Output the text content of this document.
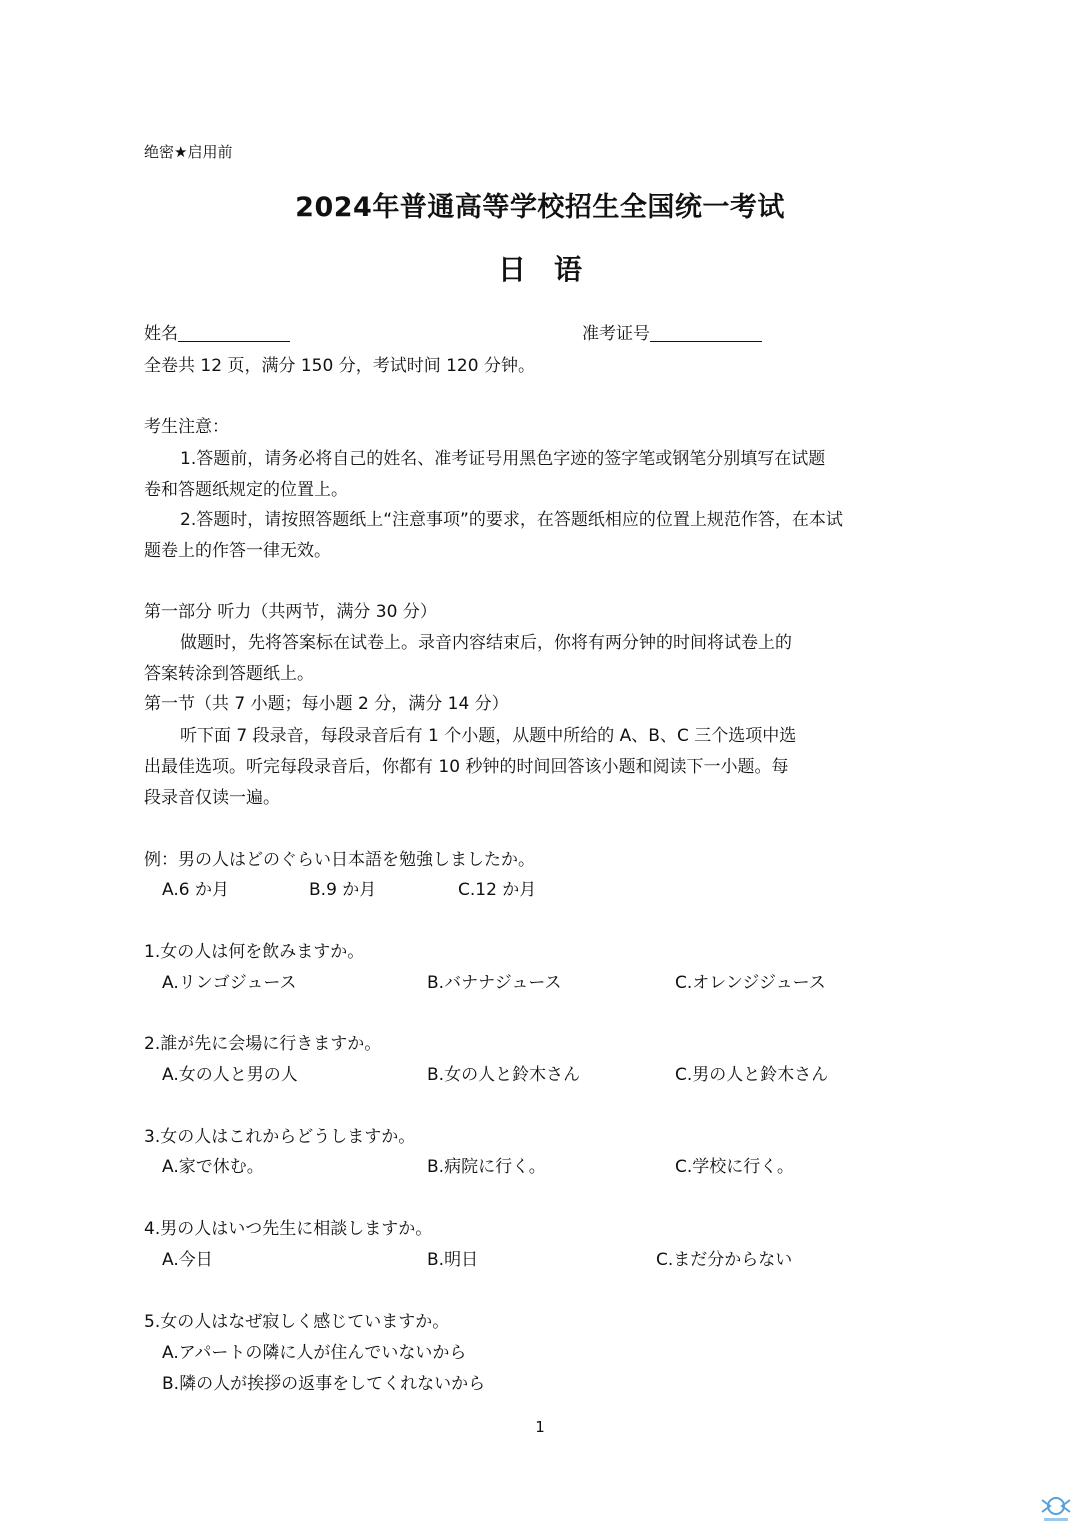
绝密★启用前
2024年普通高等学校招生全国统一考试
日　语
姓名	准考证号
全卷共 12 页，满分 150 分，考试时间 120 分钟。
考生注意：
1.答题前，请务必将自己的姓名、准考证号用黑色字迹的签字笔或钢笔分别填写在试题
卷和答题纸规定的位置上。
2.答题时，请按照答题纸上“注意事项”的要求，在答题纸相应的位置上规范作答，在本试
题卷上的作答一律无效。
第一部分 听力（共两节，满分 30 分）
做题时，先将答案标在试卷上。录音内容结束后，你将有两分钟的时间将试卷上的
答案转涂到答题纸上。
第一节（共 7 小题；每小题 2 分，满分 14 分）
听下面 7 段录音，每段录音后有 1 个小题，从题中所给的 A、B、C 三个选项中选
出最佳选项。听完每段录音后，你都有 10 秒钟的时间回答该小题和阅读下一小题。每
段录音仅读一遍。
例：男の人はどのぐらい日本語を勉強しましたか。
A.6 か月	B.9 か月	C.12 か月
1.女の人は何を飲みますか。
A.リンゴジュース	B.バナナジュース	C.オレンジジュース
2.誰が先に会場に行きますか。
A.女の人と男の人	B.女の人と鈴木さん	C.男の人と鈴木さん
3.女の人はこれからどうしますか。
A.家で休む。	B.病院に行く。	C.学校に行く。
4.男の人はいつ先生に相談しますか。
A.今日	B.明日	C.まだ分からない
5.女の人はなぜ寂しく感じていますか。
A.アパートの隣に人が住んでいないから
B.隣の人が挨拶の返事をしてくれないから
1
